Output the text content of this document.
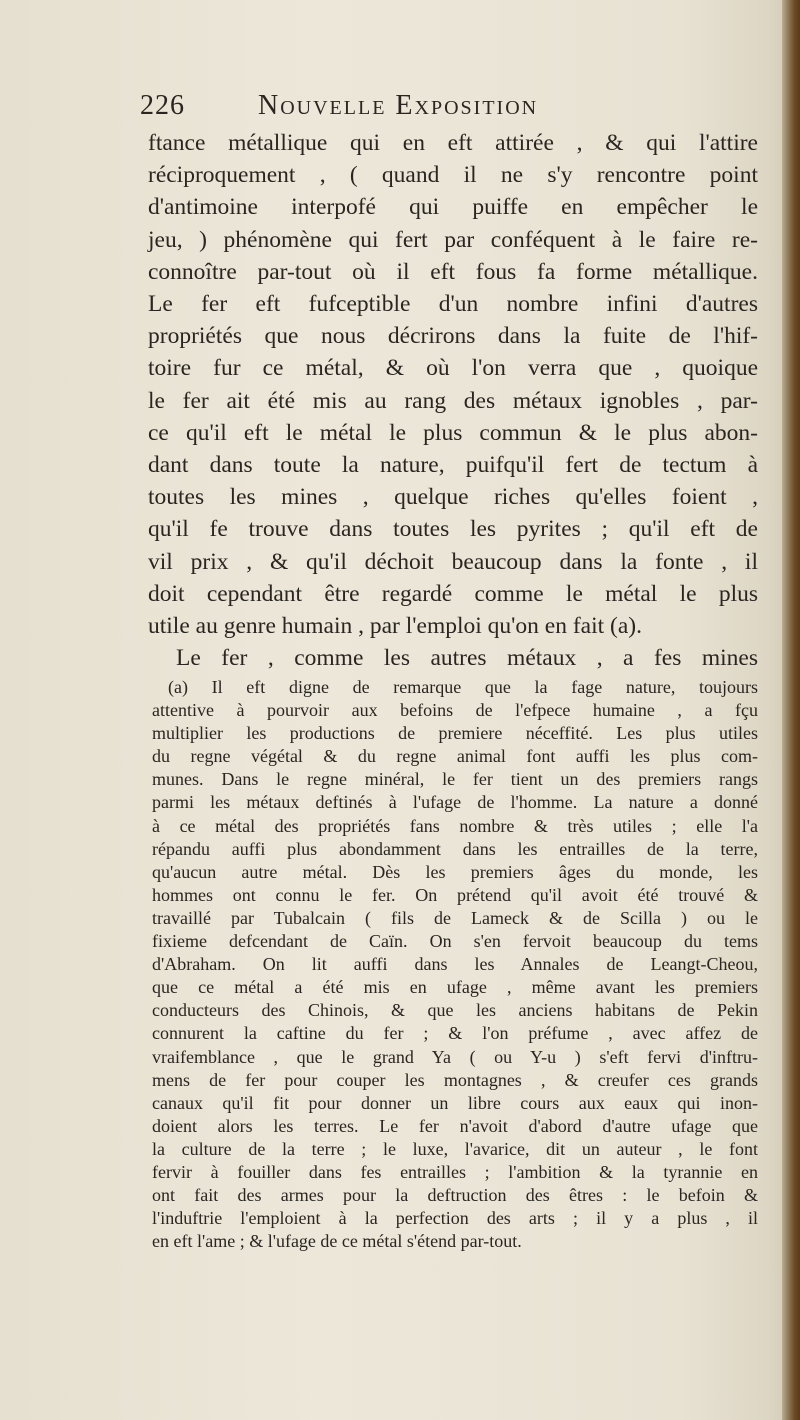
226	Nouvelle Exposition
ftance métallique qui en eft attirée , & qui l'attire
réciproquement , ( quand il ne s'y rencontre point
d'antimoine interpofé qui puiffe en empêcher le
jeu, ) phénomène qui fert par conféquent à le faire re-
connoître par-tout où il eft fous fa forme métallique.
Le fer eft fufceptible d'un nombre infini d'autres
propriétés que nous décrirons dans la fuite de l'hif-
toire fur ce métal, & où l'on verra que , quoique
le fer ait été mis au rang des métaux ignobles , par-
ce qu'il eft le métal le plus commun & le plus abon-
dant dans toute la nature, puifqu'il fert de tectum à
toutes les mines , quelque riches qu'elles foient ,
qu'il fe trouve dans toutes les pyrites ; qu'il eft de
vil prix , & qu'il déchoit beaucoup dans la fonte , il
doit cependant être regardé comme le métal le plus
utile au genre humain , par l'emploi qu'on en fait (a).
Le fer , comme les autres métaux , a fes mines
(a) Il eft digne de remarque que la fage nature, toujours
attentive à pourvoir aux befoins de l'efpece humaine , a fçu
multiplier les productions de premiere néceffité. Les plus utiles
du regne végétal & du regne animal font auffi les plus com-
munes. Dans le regne minéral, le fer tient un des premiers rangs
parmi les métaux deftinés à l'ufage de l'homme. La nature a donné
à ce métal des propriétés fans nombre & très utiles ; elle l'a
répandu auffi plus abondamment dans les entrailles de la terre,
qu'aucun autre métal. Dès les premiers âges du monde, les
hommes ont connu le fer. On prétend qu'il avoit été trouvé &
travaillé par Tubalcain ( fils de Lameck & de Scilla ) ou le
fixieme defcendant de Caïn. On s'en fervoit beaucoup du tems
d'Abraham. On lit auffi dans les Annales de Leangt-Cheou,
que ce métal a été mis en ufage , même avant les premiers
conducteurs des Chinois, & que les anciens habitans de Pekin
connurent la caftine du fer ; & l'on préfume , avec affez de
vraifemblance , que le grand Ya ( ou Y-u ) s'eft fervi d'inftru-
mens de fer pour couper les montagnes , & creufer ces grands
canaux qu'il fit pour donner un libre cours aux eaux qui inon-
doient alors les terres. Le fer n'avoit d'abord d'autre ufage que
la culture de la terre ; le luxe, l'avarice, dit un auteur , le font
fervir à fouiller dans fes entrailles ; l'ambition & la tyrannie en
ont fait des armes pour la deftruction des êtres : le befoin &
l'induftrie l'emploient à la perfection des arts ; il y a plus , il
en eft l'ame ; & l'ufage de ce métal s'étend par-tout.
